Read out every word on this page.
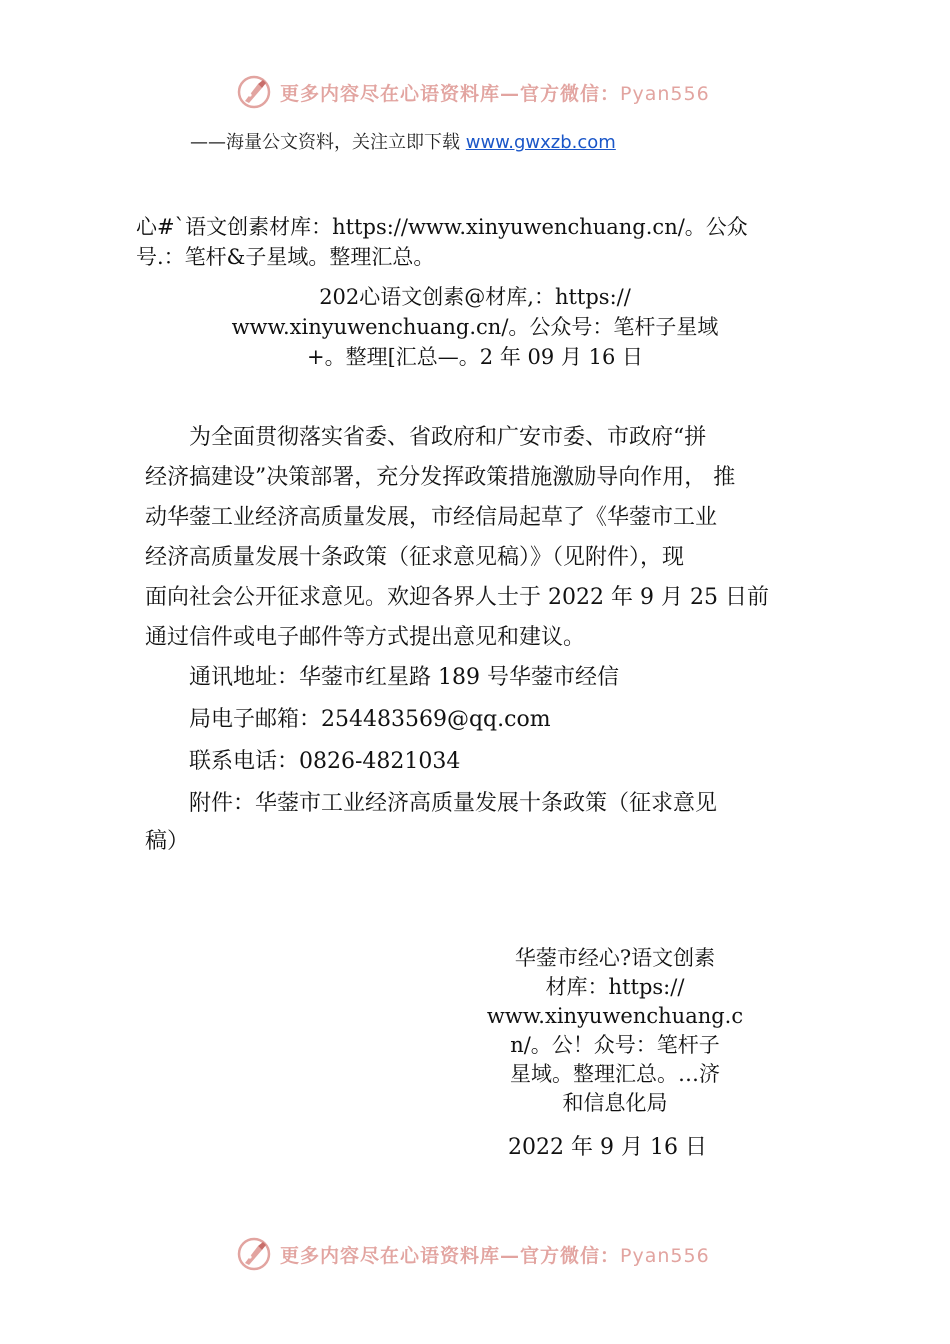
更多内容尽在心语资料库—官方微信：Pyan556
——海量公文资料，关注立即下载 www.gwxzb.com
心#`语文创素材库：https://www.xinyuwenchuang.cn/。公众
号.：笔杆&子星域。整理汇总。
202心语文创素@材库,：https://
www.xinyuwenchuang.cn/。公众号：笔杆子星域
+。整理[汇总—。2 年 09 月 16 日
　　为全面贯彻落实省委、省政府和广安市委、市政府“拼
经济搞建设”决策部署，充分发挥政策措施激励导向作用， 推
动华蓥工业经济高质量发展，市经信局起草了《华蓥市工业
经济高质量发展十条政策（征求意见稿）》（见附件），现
面向社会公开征求意见。欢迎各界人士于 2022 年 9 月 25 日前
通过信件或电子邮件等方式提出意见和建议。
　　通讯地址：华蓥市红星路 189 号华蓥市经信
　　局电子邮箱：254483569@qq.com
　　联系电话：0826-4821034
　　附件：华蓥市工业经济高质量发展十条政策（征求意见
稿）
华蓥市经心?语文创素
材库：https://
www.xinyuwenchuang.c
n/。公！众号：笔杆子
星域。整理汇总。…济
和信息化局
2022 年 9 月 16 日
更多内容尽在心语资料库—官方微信：Pyan556
